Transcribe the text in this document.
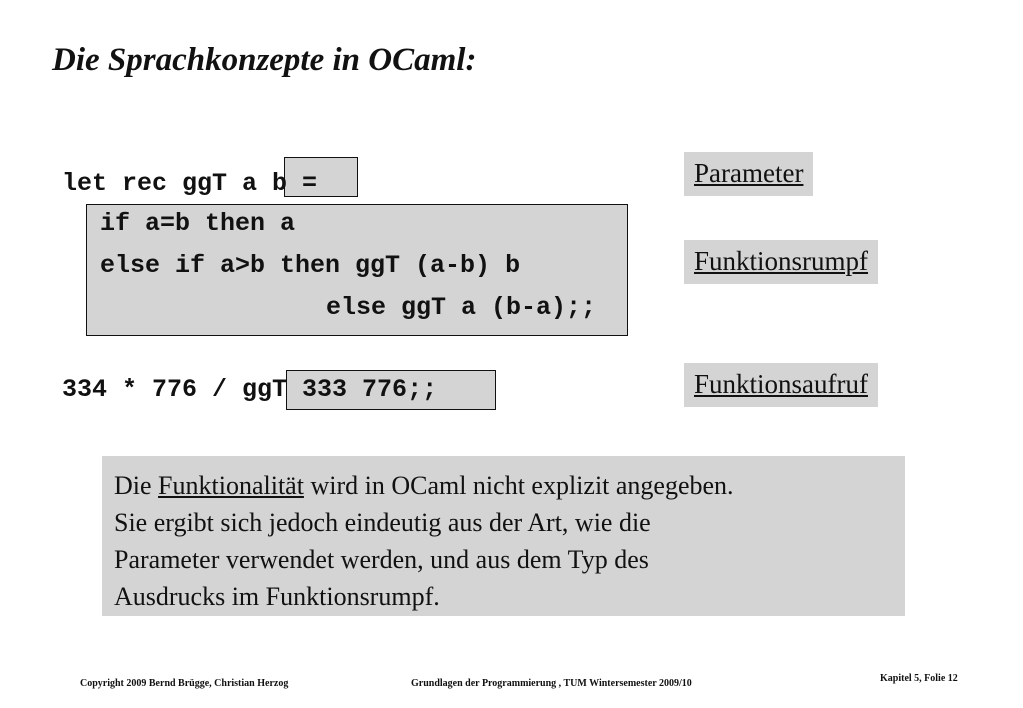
Die Sprachkonzepte in OCaml:
let rec ggT a b =
if a=b then a
else if a>b then ggT (a-b) b
else ggT a (b-a);;
334 * 776 / ggT 333 776;;
Parameter
Funktionsrumpf
Funktionsaufruf
Die Funktionalität wird in OCaml nicht explizit angegeben.
Sie ergibt sich jedoch eindeutig aus der Art, wie die
Parameter verwendet werden, und aus dem Typ des
Ausdrucks im Funktionsrumpf.
Copyright 2009 Bernd Brügge, Christian Herzog	Grundlagen der Programmierung , TUM Wintersemester 2009/10	Kapitel 5, Folie 12
